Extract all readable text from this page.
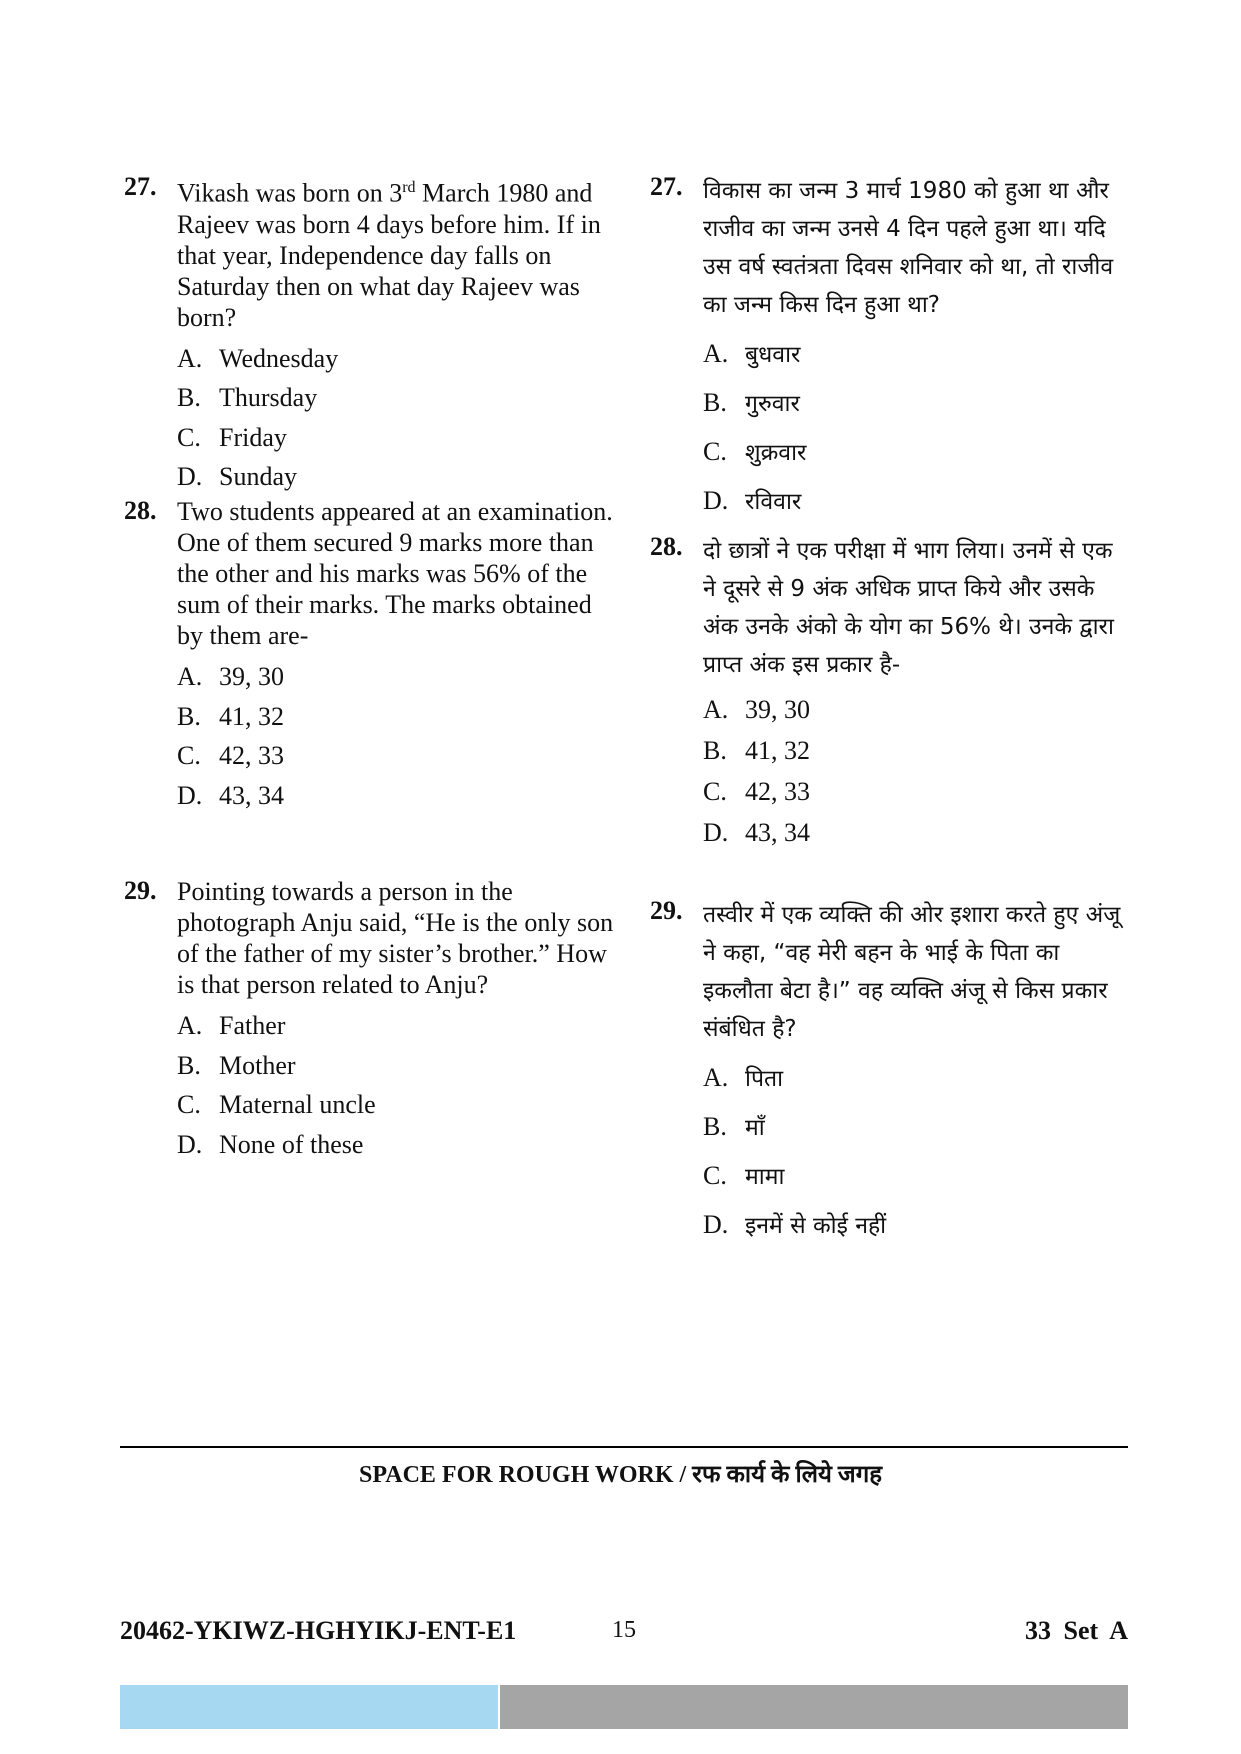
27. Vikash was born on 3rd March 1980 and Rajeev was born 4 days before him. If in that year, Independence day falls on Saturday then on what day Rajeev was born?
A. Wednesday
B. Thursday
C. Friday
D. Sunday
28. Two students appeared at an examination. One of them secured 9 marks more than the other and his marks was 56% of the sum of their marks. The marks obtained by them are-
A. 39, 30
B. 41, 32
C. 42, 33
D. 43, 34
29. Pointing towards a person in the photograph Anju said, “He is the only son of the father of my sister’s brother.” How is that person related to Anju?
A. Father
B. Mother
C. Maternal uncle
D. None of these
27. विकास का जन्म 3 मार्च 1980 को हुआ था और राजीव का जन्म उनसे 4 दिन पहले हुआ था। यदि उस वर्ष स्वतंत्रता दिवस शनिवार को था, तो राजीव का जन्म किस दिन हुआ था?
A. बुधवार
B. गुरुवार
C. शुक्रवार
D. रविवार
28. दो छात्रों ने एक परीक्षा में भाग लिया। उनमें से एक ने दूसरे से 9 अंक अधिक प्राप्त किये और उसके अंक उनके अंको के योग का 56% थे। उनके द्वारा प्राप्त अंक इस प्रकार है-
A. 39, 30
B. 41, 32
C. 42, 33
D. 43, 34
29. तस्वीर में एक व्यक्ति की ओर इशारा करते हुए अंजू ने कहा, “वह मेरी बहन के भाई के पिता का इकलौता बेटा है।” वह व्यक्ति अंजू से किस प्रकार संबंधित है?
A. पिता
B. माँ
C. मामा
D. इनमें से कोई नहीं
SPACE FOR ROUGH WORK / रफ कार्य के लिये जगह
20462-YKIWZ-HGHYIKJ-ENT-E1	15	33 Set A
